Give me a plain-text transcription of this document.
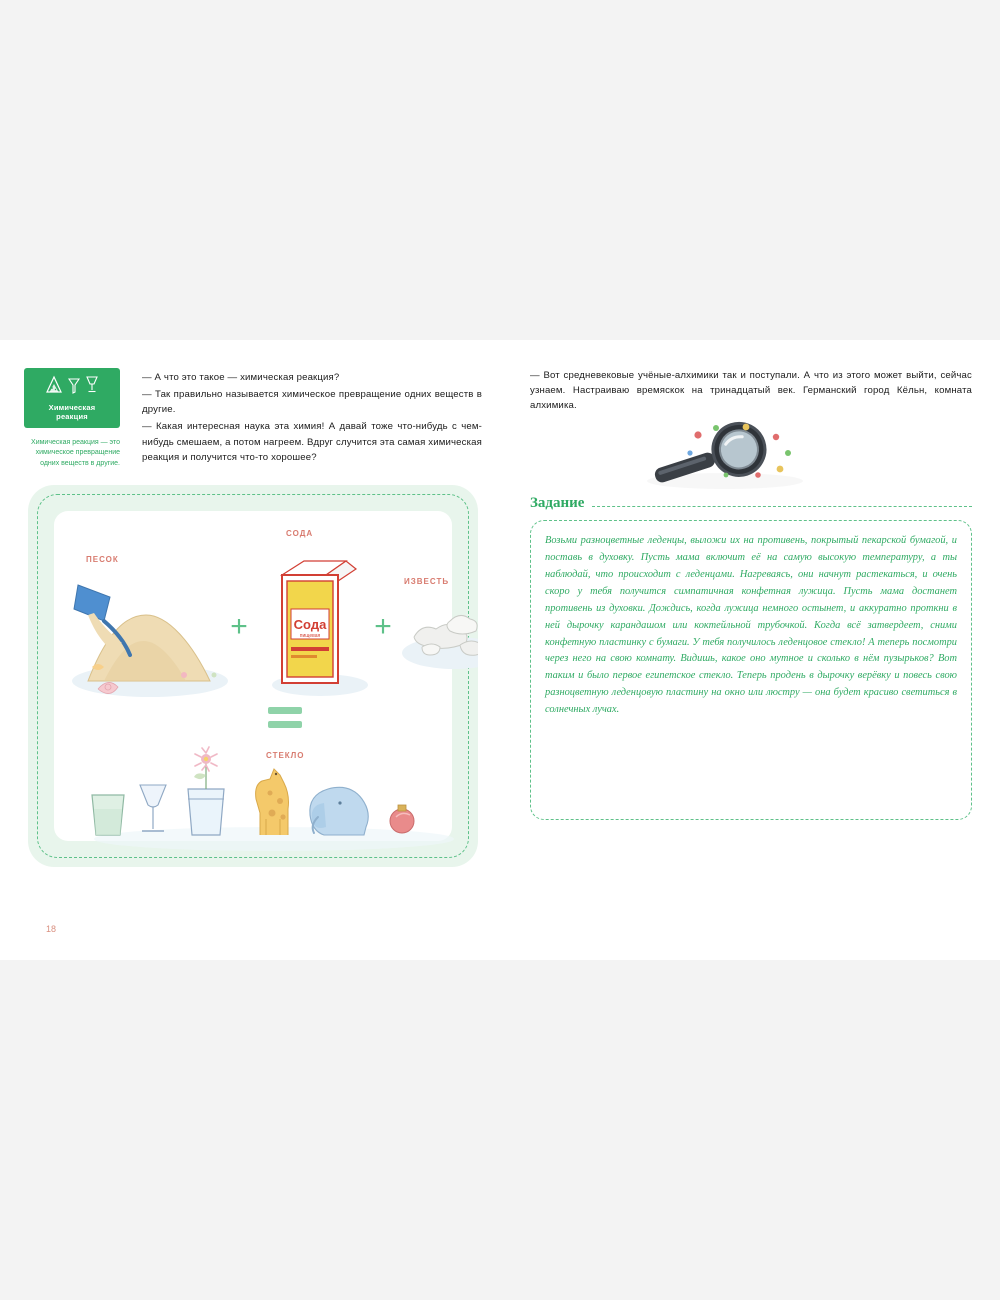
Химическая
реакция
Химическая реакция — это химическое превращение одних веществ в другие.

— А что это такое — химическая реакция?

— Так правильно называется химическое превращение одних веществ в другие.

— Какая интересная наука эта химия! А давай тоже что-нибудь с чем-нибудь смешаем, а потом нагреем. Вдруг случится эта самая химическая реакция и получится что-то хорошее?

ПЕСОК
+
СОДА
Сода
пищевая +
ИЗВЕСТЬ
СТЕКЛО
18

— Вот средневековые учёные-алхимики так и поступали. А что из этого может выйти, сейчас узнаем. Настраиваю времяскок на тринадцатый век. Германский город Кёльн, комната алхимика.

Задание

Возьми разноцветные леденцы, выложи их на противень, покрытый пекарской бумагой, и поставь в духовку. Пусть мама включит её на самую высокую температуру, а ты наблюдай, что происходит с леденцами. Нагреваясь, они начнут растекаться, и очень скоро у тебя получится симпатичная конфетная лужица. Пусть мама достанет противень из духовки. Дождись, когда лужица немного остынет, и аккуратно проткни в ней дырочку карандашом или коктейльной трубочкой. Когда всё затвердеет, сними конфетную пластинку с бумаги. У тебя получилось леденцовое стекло! А теперь посмотри через него на свою комнату. Видишь, какое оно мутное и сколько в нём пузырьков? Вот таким и было первое египетское стекло. Теперь продень в дырочку верёвку и повесь свою разноцветную леденцовую пластину на окно или люстру — она будет красиво светиться в солнечных лучах.
